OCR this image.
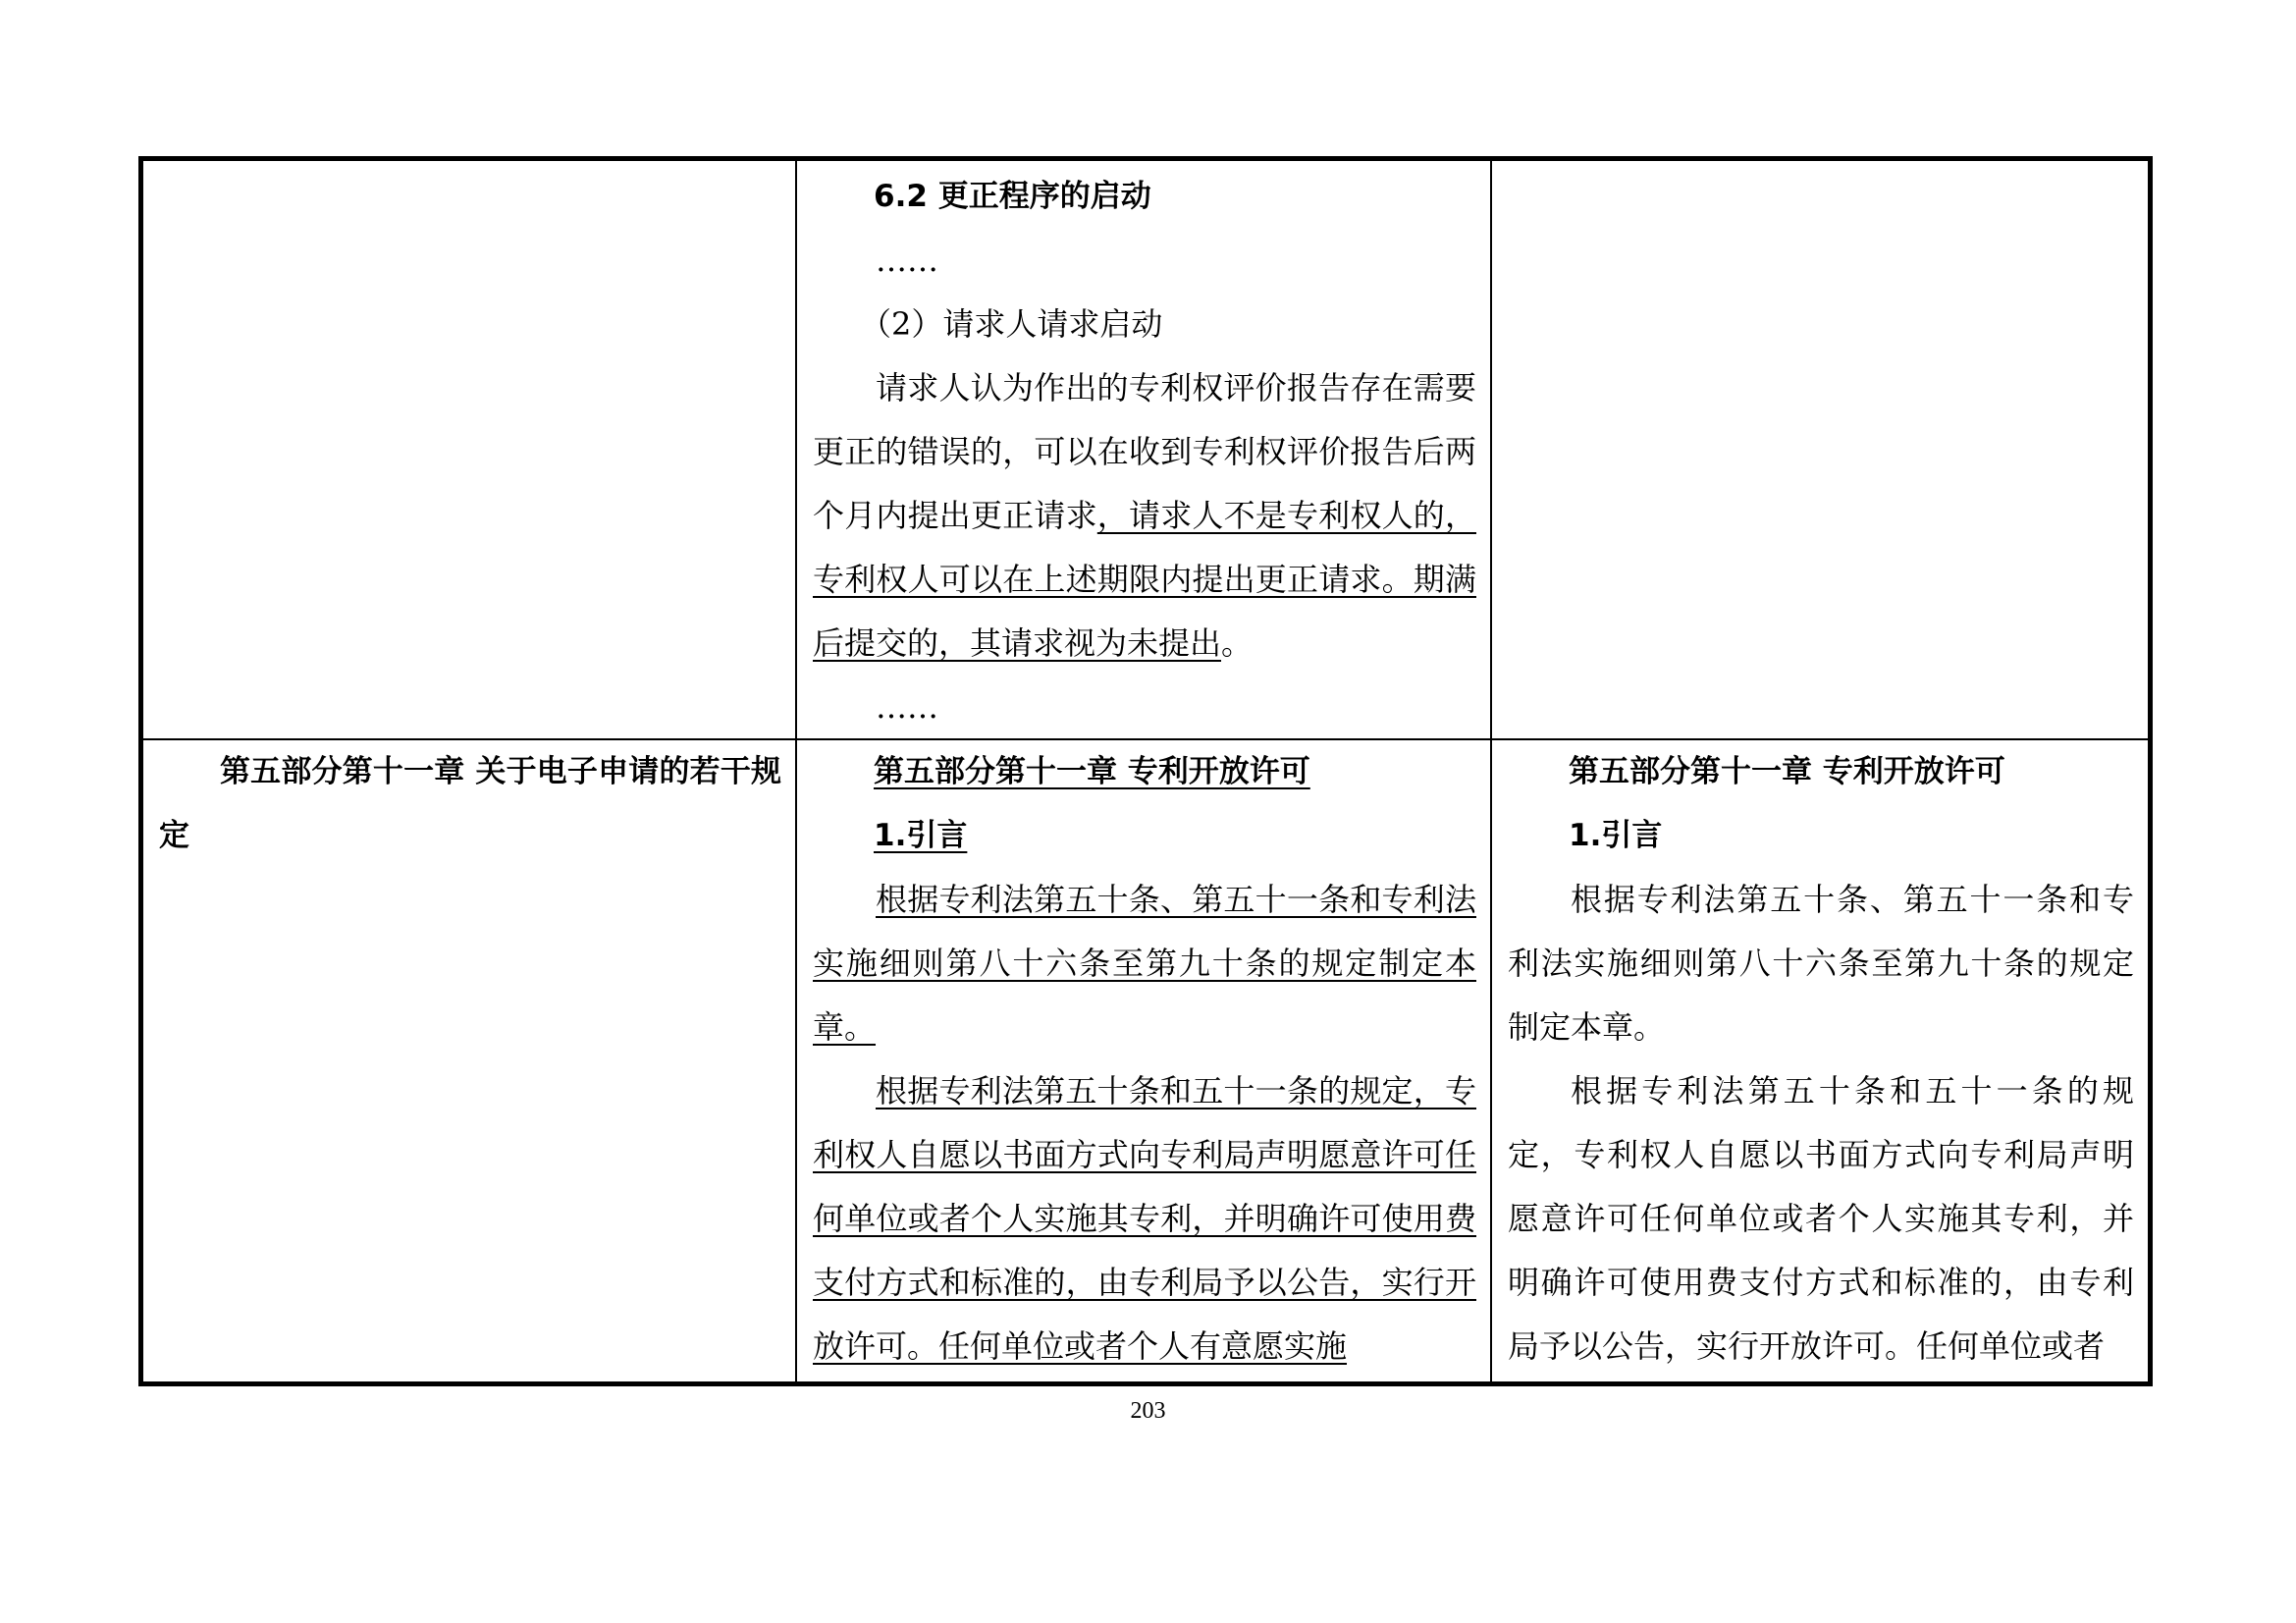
6.2 更正程序的启动

……

（2）请求人请求启动

请求人认为作出的专利权评价报告存在需要更正的错误的，可以在收到专利权评价报告后两个月内提出更正请求，请求人不是专利权人的，专利权人可以在上述期限内提出更正请求。期满后提交的，其请求视为未提出。

……

第五部分第十一章 关于电子申请的若干规定

第五部分第十一章 专利开放许可

1.引言

根据专利法第五十条、第五十一条和专利法实施细则第八十六条至第九十条的规定制定本章。

根据专利法第五十条和五十一条的规定，专利权人自愿以书面方式向专利局声明愿意许可任何单位或者个人实施其专利，并明确许可使用费支付方式和标准的，由专利局予以公告，实行开放许可。任何单位或者个人有意愿实施

第五部分第十一章 专利开放许可

1.引言

根据专利法第五十条、第五十一条和专利法实施细则第八十六条至第九十条的规定制定本章。

根据专利法第五十条和五十一条的规定，专利权人自愿以书面方式向专利局声明愿意许可任何单位或者个人实施其专利，并明确许可使用费支付方式和标准的，由专利局予以公告，实行开放许可。任何单位或者

203
